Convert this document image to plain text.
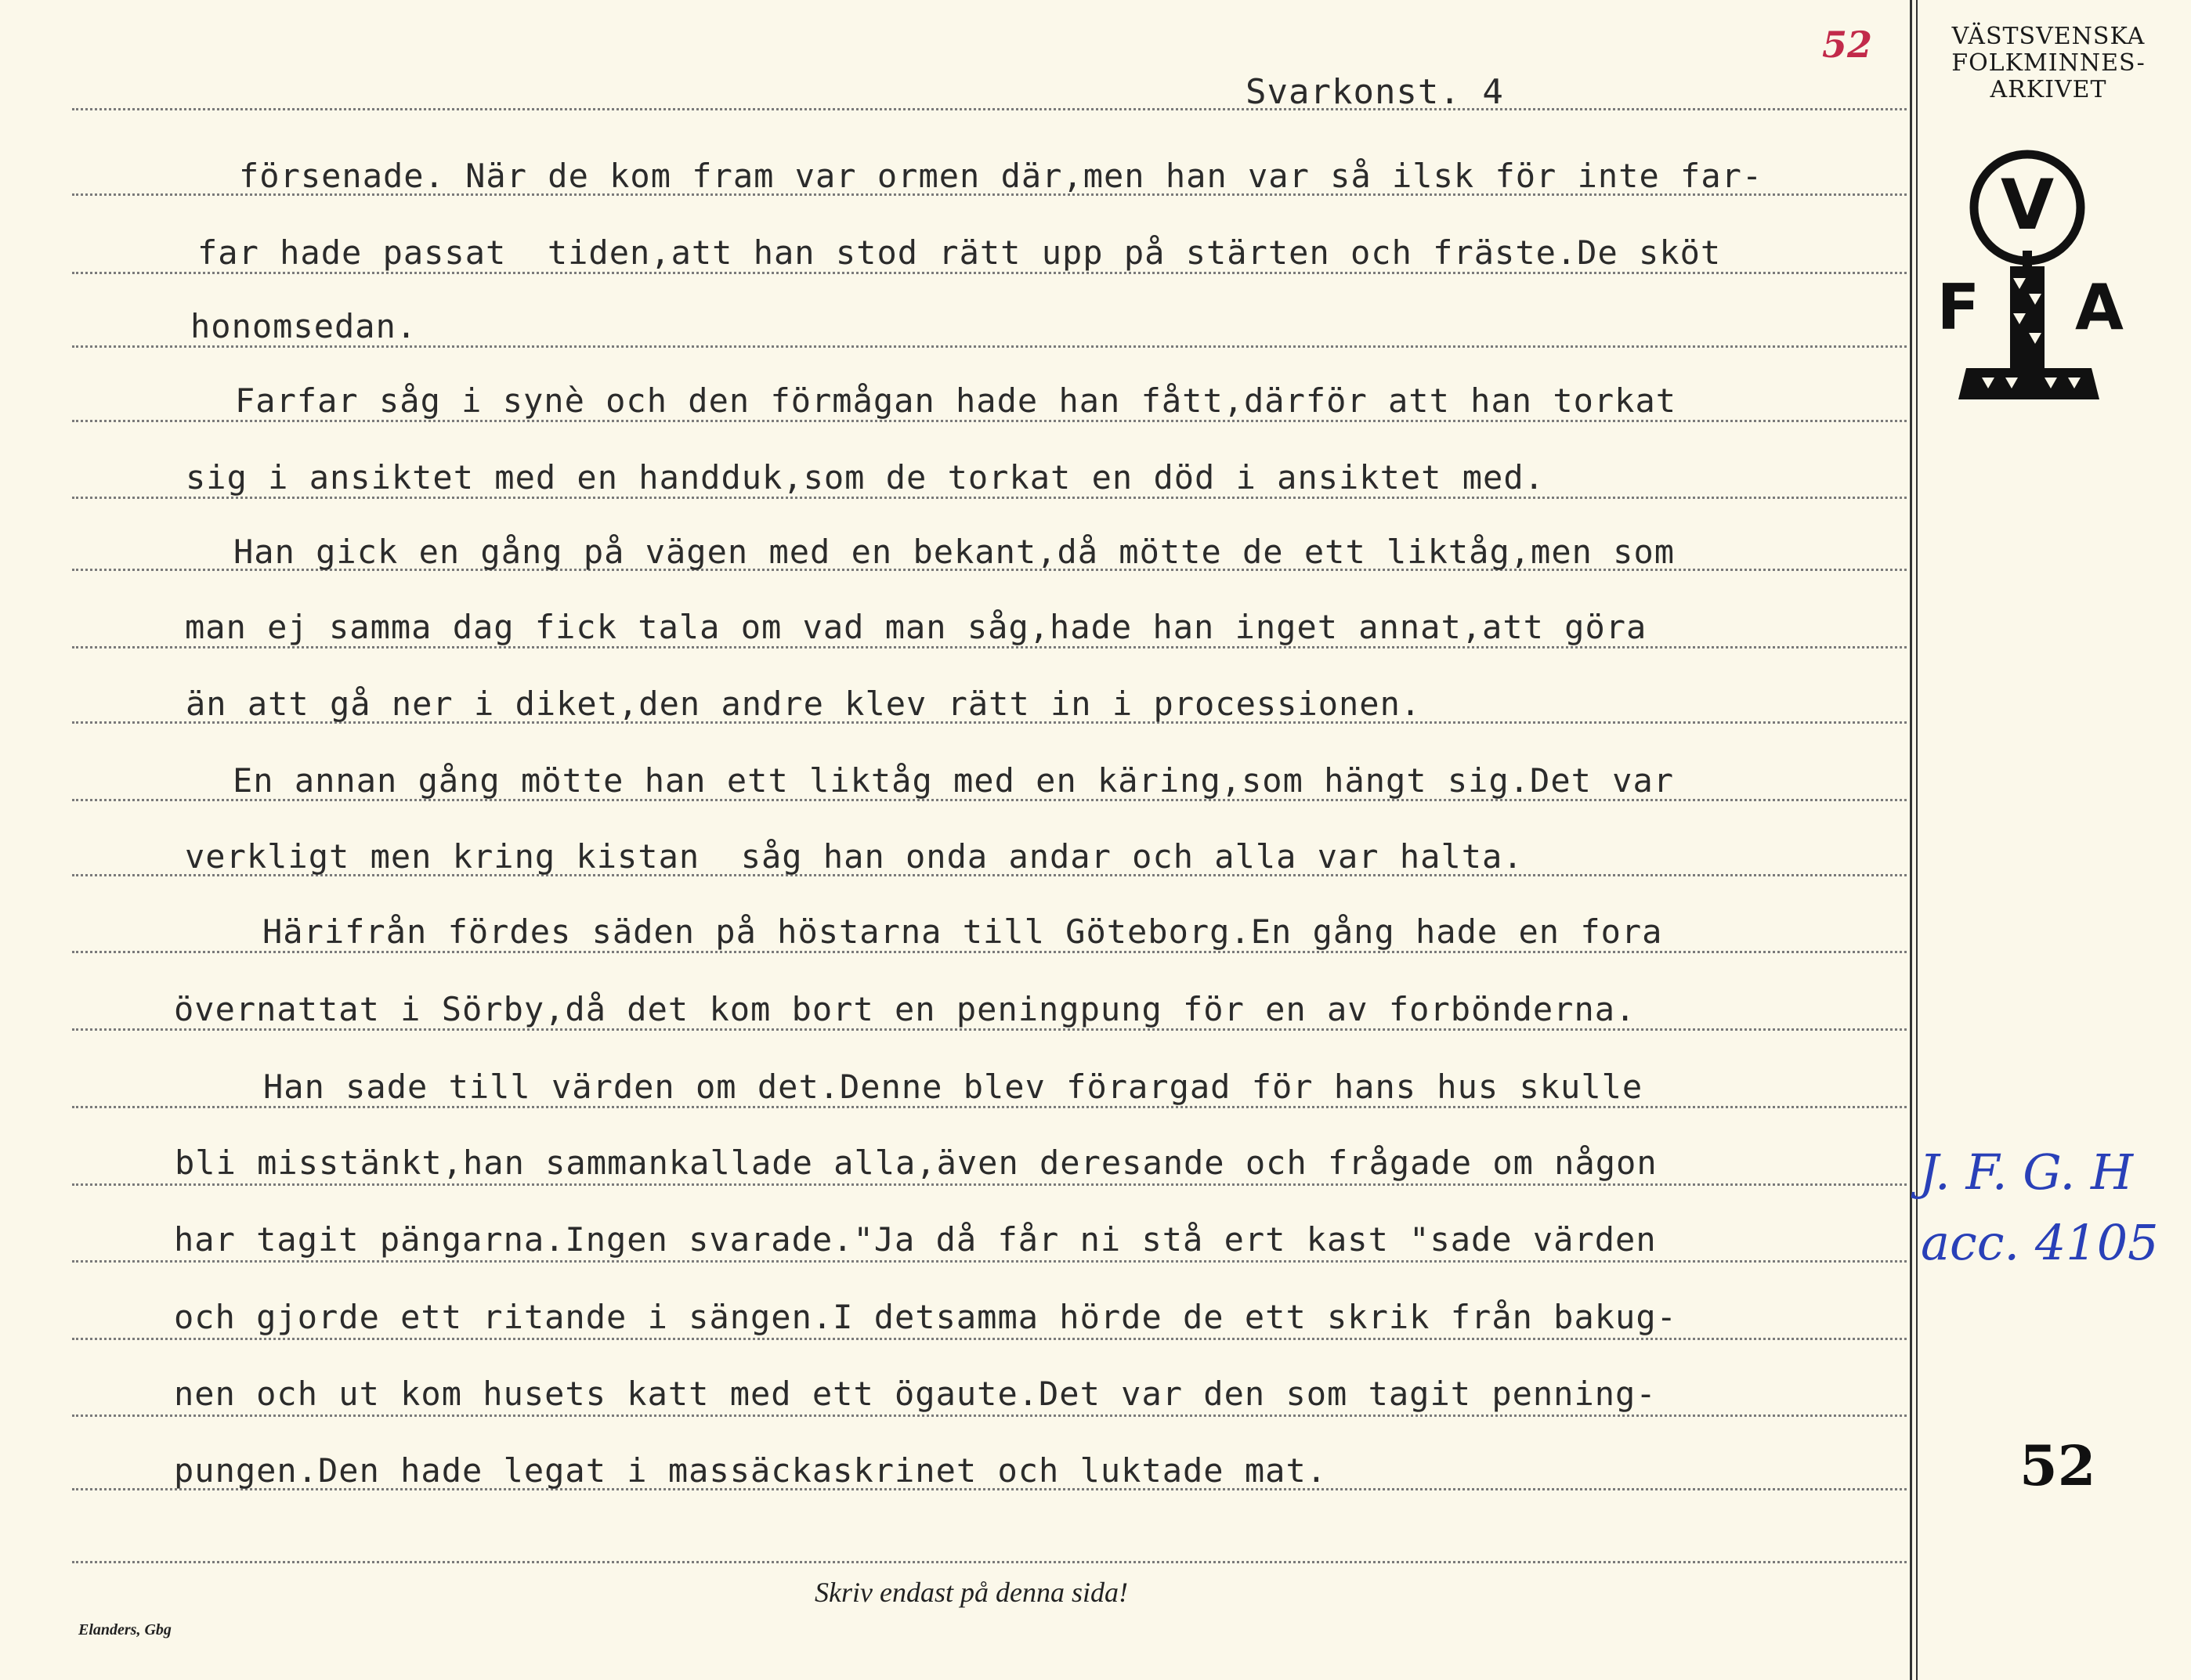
Svarkonst. 4
52	VÄSTSVENSKA
FOLKMINNES-
ARKIVET
V
F A
försenade. När de kom fram var ormen där,men han var så ilsk för inte far-
far hade passat  tiden,att han stod rätt upp på stärten och fräste.De sköt
honomsedan.
Farfar såg i synè och den förmågan hade han fått,därför att han torkat
sig i ansiktet med en handduk,som de torkat en död i ansiktet med.
Han gick en gång på vägen med en bekant,då mötte de ett liktåg,men som
man ej samma dag fick tala om vad man såg,hade han inget annat,att göra
än att gå ner i diket,den andre klev rätt in i processionen.
En annan gång mötte han ett liktåg med en käring,som hängt sig.Det var
verkligt men kring kistan  såg han onda andar och alla var halta.
Härifrån fördes säden på höstarna till Göteborg.En gång hade en fora
övernattat i Sörby,då det kom bort en peningpung för en av forbönderna.
Han sade till värden om det.Denne blev förargad för hans hus skulle
bli misstänkt,han sammankallade alla,även deresande och frågade om någon
har tagit pängarna.Ingen svarade."Ja då får ni stå ert kast "sade värden
och gjorde ett ritande i sängen.I detsamma hörde de ett skrik från bakug-
nen och ut kom husets katt med ett ögaute.Det var den som tagit penning-
pungen.Den hade legat i massäckaskrinet och luktade mat.
J. F. G. H
acc. 4105
52
Skriv endast på denna sida!
Elanders, Gbg
